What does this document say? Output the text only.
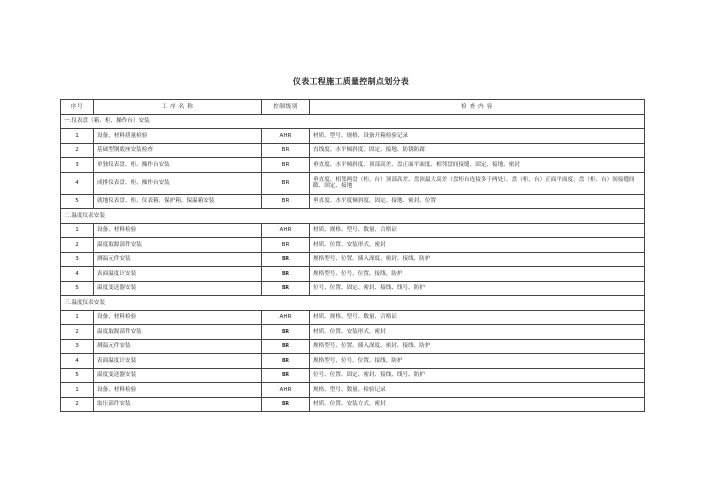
仪表工程施工质量控制点划分表
序号	工 序 名 称	控制级别	检 查 内 容
一.仪表盘（箱、柜、操作台）安装			
1	设备、材料质量检验	AHR	材质、型号、规格、设备开箱检验记录
2	基础型钢底座安装检查	BR	直线度、水平倾斜度、固定、接地、防锈防腐
3	单独仪表盘、柜、操作台安装	BR	垂直度、水平倾斜度、顶部高差、盘正面平面度、相邻盘间接缝、固定、接地、密封
4	成排仪表盘、柜、操作台安装	BR	垂直度、相邻两盘（柜、台）顶部高差、盘顶最大高差（盘柜台连接多于两处）、盘（柜、台）正面平面度、盘（柜、台）间接缝间隙、固定、接地
5	就地仪表盘、柜、仪表箱、保护箱、保温箱安装	BR	垂直度、水平度倾斜度、固定、接地、密封、位置
二.温度仪表安装			
1	设备、材料检验	AHR	材质、规格、型号、数量、合格证
2	温度取源部件安装	BR	材质、位置、安装形式、密封
3	测温元件安装	BR	规格型号、位置、插入深度、密封、接线、防护
4	表面温度计安装	BR	规格型号、位号、位置、接线、防护
5	温度变送器安装	BR	位号、位置、固定、密封、接线、线号、防护
三.温度仪表安装			
1	设备、材料检验	AHR	材质、规格、型号、数量、合格证
2	温度取源部件安装	BR	材质、位置、安装形式、密封
3	测温元件安装	BR	规格型号、位置、插入深度、密封、接线、防护
4	表面温度计安装	BR	规格型号、位号、位置、接线、防护
5	温度变送器安装	BR	位号、位置、固定、密封、接线、线号、防护
1	设备、材料检验	AHR	规格、型号、数量、检验记录
2	取压部件安装	BR	材质、位置、安装方式、密封
